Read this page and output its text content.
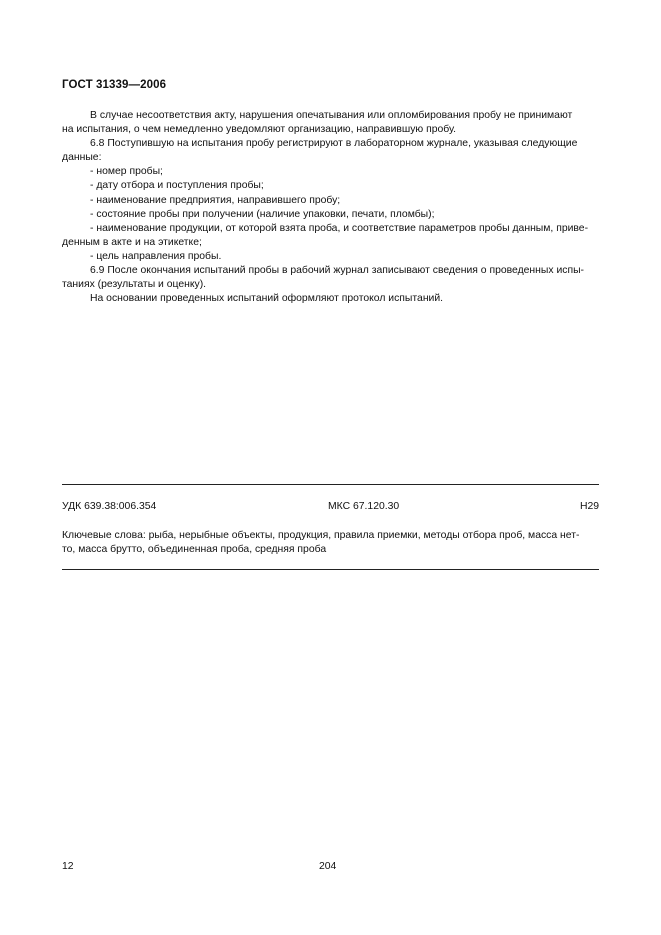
ГОСТ 31339—2006

В случае несоответствия акту, нарушения опечатывания или опломбирования пробу не принимают

на испытания, о чем немедленно уведомляют организацию, направившую пробу.

6.8 Поступившую на испытания пробу регистрируют в лабораторном журнале, указывая следующие

данные:

- номер пробы;

- дату отбора и поступления пробы;

- наименование предприятия, направившего пробу;

- состояние пробы при получении (наличие упаковки, печати, пломбы);

- наименование продукции, от которой взята проба, и соответствие параметров пробы данным, приве-

денным в акте и на этикетке;

- цель направления пробы.

6.9 После окончания испытаний пробы в рабочий журнал записывают сведения о проведенных испы-

таниях (результаты и оценку).

На основании проведенных испытаний оформляют протокол испытаний.

УДК 639.38:006.354	МКС 67.120.30	Н29
Ключевые слова: рыба, нерыбные объекты, продукция, правила приемки, методы отбора проб, масса нет-
то, масса брутто, объединенная проба, средняя проба
12	204
